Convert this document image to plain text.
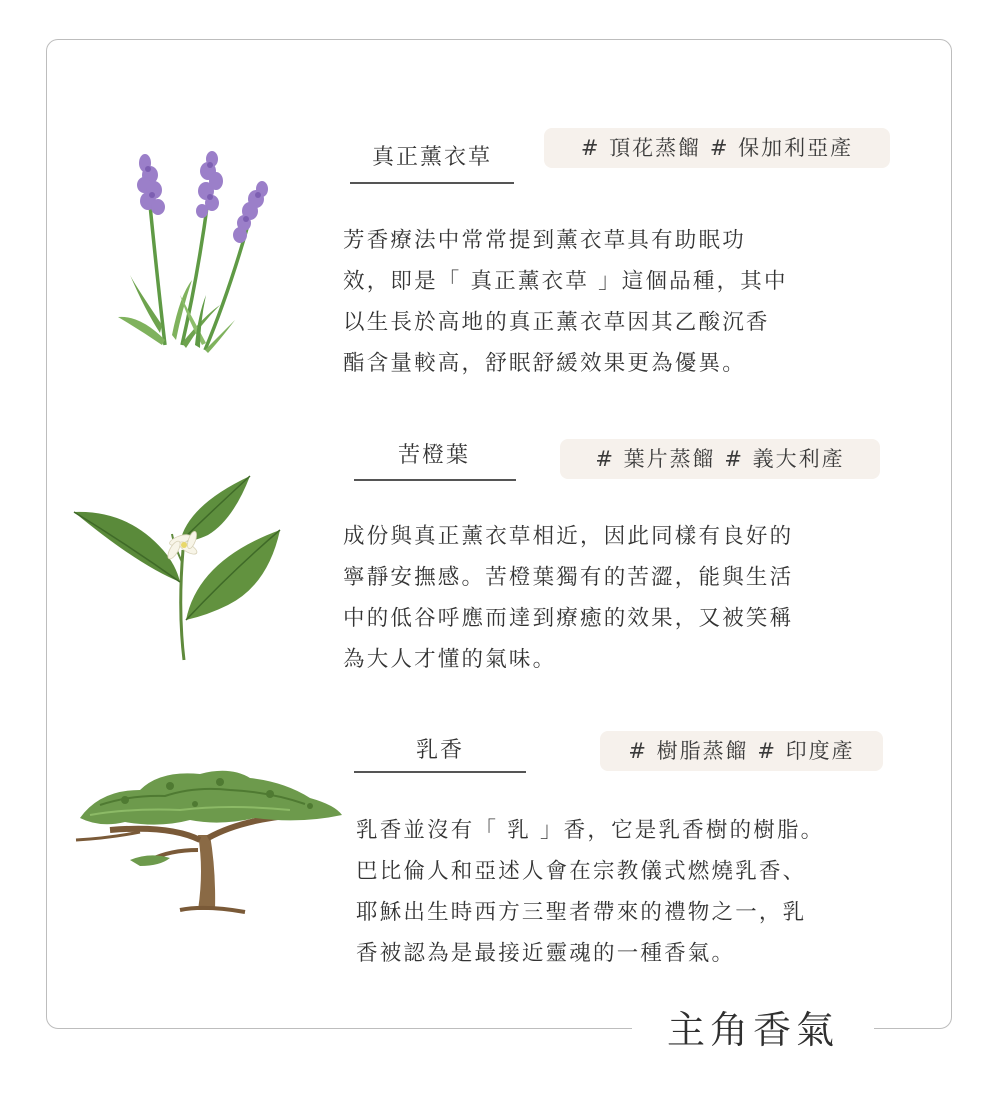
真正薰衣草	# 頂花蒸餾 # 保加利亞產
芳香療法中常常提到薰衣草具有助眠功
效，即是「 真正薰衣草 」這個品種，其中
以生長於高地的真正薰衣草因其乙酸沉香
酯含量較高，舒眠舒緩效果更為優異。
苦橙葉	# 葉片蒸餾 # 義大利產
成份與真正薰衣草相近，因此同樣有良好的
寧靜安撫感。苦橙葉獨有的苦澀，能與生活
中的低谷呼應而達到療癒的效果，又被笑稱
為大人才懂的氣味。
乳香	# 樹脂蒸餾 # 印度產
乳香並沒有「 乳 」香，它是乳香樹的樹脂。
巴比倫人和亞述人會在宗教儀式燃燒乳香、
耶穌出生時西方三聖者帶來的禮物之一，乳
香被認為是最接近靈魂的一種香氣。
主角香氣
